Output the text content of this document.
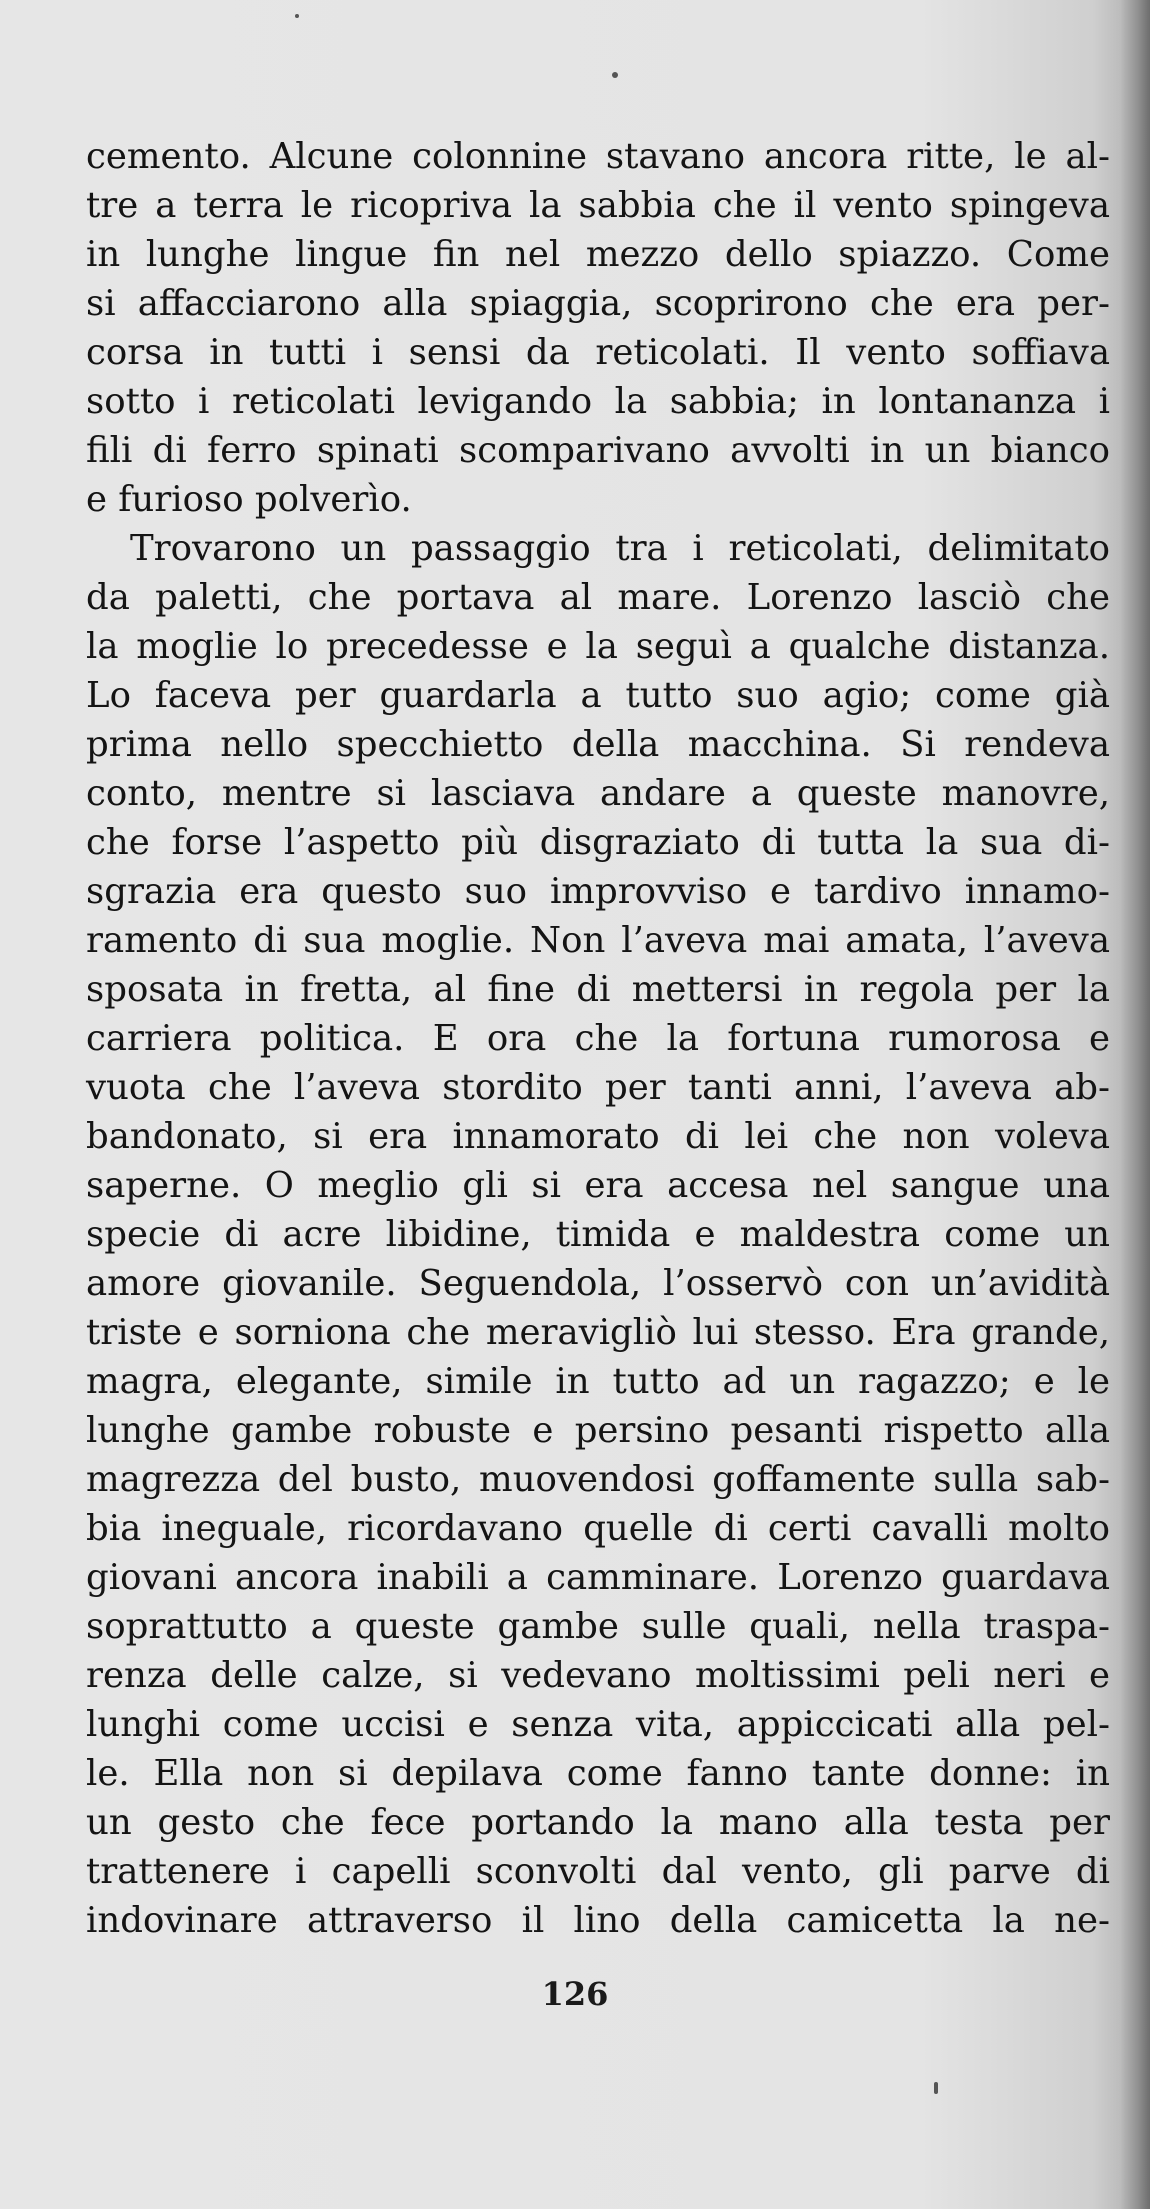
cemento. Alcune colonnine stavano ancora ritte, le al-
tre a terra le ricopriva la sabbia che il vento spingeva
in lunghe lingue fin nel mezzo dello spiazzo. Come
si affacciarono alla spiaggia, scoprirono che era per-
corsa in tutti i sensi da reticolati. Il vento soffiava
sotto i reticolati levigando la sabbia; in lontananza i
fili di ferro spinati scomparivano avvolti in un bianco
e furioso polverìo.
Trovarono un passaggio tra i reticolati, delimitato
da paletti, che portava al mare. Lorenzo lasciò che
la moglie lo precedesse e la seguì a qualche distanza.
Lo faceva per guardarla a tutto suo agio; come già
prima nello specchietto della macchina. Si rendeva
conto, mentre si lasciava andare a queste manovre,
che forse l’aspetto più disgraziato di tutta la sua di-
sgrazia era questo suo improvviso e tardivo innamo-
ramento di sua moglie. Non l’aveva mai amata, l’aveva
sposata in fretta, al fine di mettersi in regola per la
carriera politica. E ora che la fortuna rumorosa e
vuota che l’aveva stordito per tanti anni, l’aveva ab-
bandonato, si era innamorato di lei che non voleva
saperne. O meglio gli si era accesa nel sangue una
specie di acre libidine, timida e maldestra come un
amore giovanile. Seguendola, l’osservò con un’avidità
triste e sorniona che meravigliò lui stesso. Era grande,
magra, elegante, simile in tutto ad un ragazzo; e le
lunghe gambe robuste e persino pesanti rispetto alla
magrezza del busto, muovendosi goffamente sulla sab-
bia ineguale, ricordavano quelle di certi cavalli molto
giovani ancora inabili a camminare. Lorenzo guardava
soprattutto a queste gambe sulle quali, nella traspa-
renza delle calze, si vedevano moltissimi peli neri e
lunghi come uccisi e senza vita, appiccicati alla pel-
le. Ella non si depilava come fanno tante donne: in
un gesto che fece portando la mano alla testa per
trattenere i capelli sconvolti dal vento, gli parve di
indovinare attraverso il lino della camicetta la ne-
126
